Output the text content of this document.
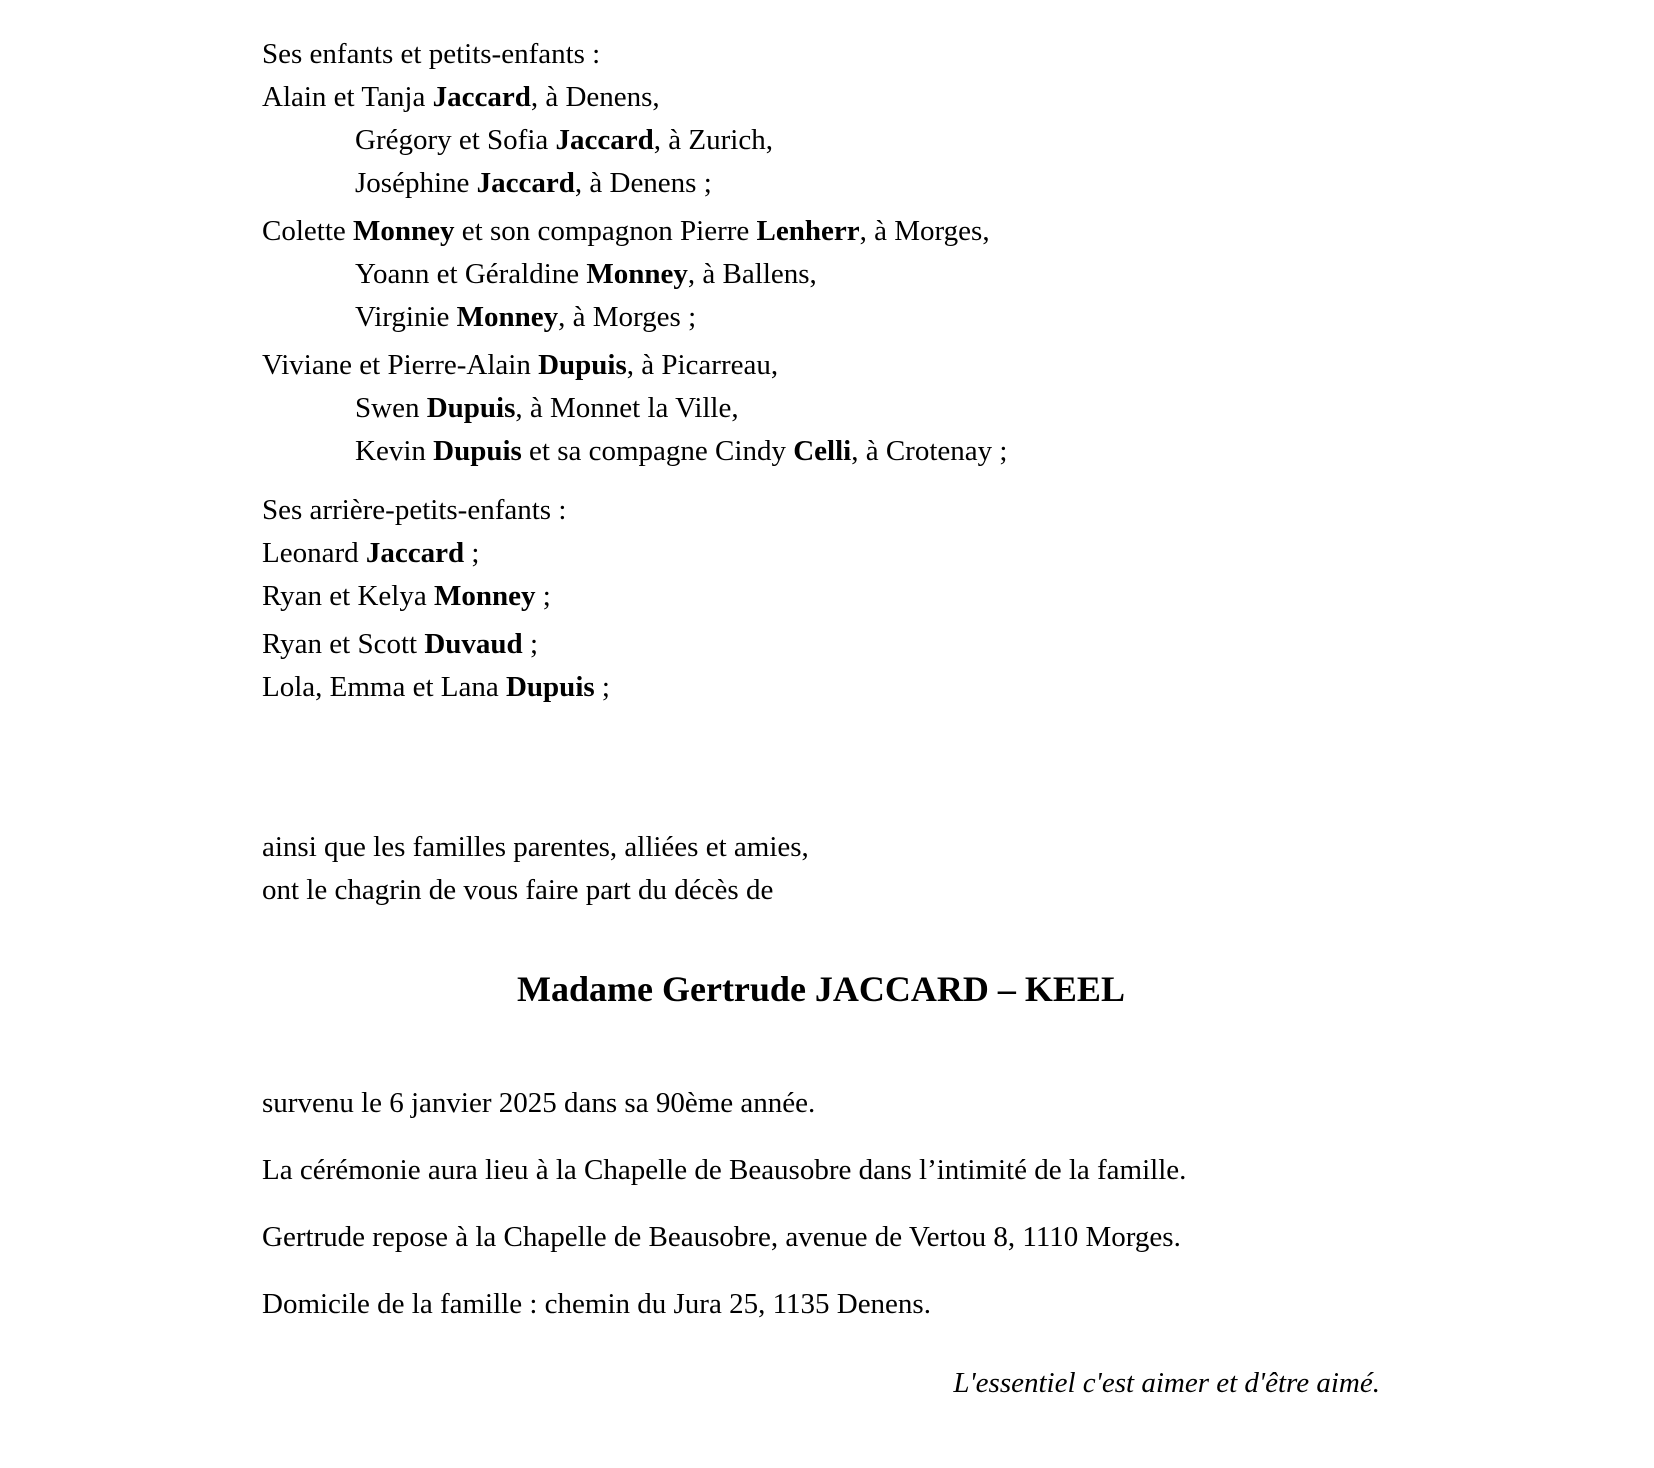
Ses enfants et petits-enfants :

Alain et Tanja Jaccard, à Denens,

Grégory et Sofia Jaccard, à Zurich,

Joséphine Jaccard, à Denens ;

Colette Monney et son compagnon Pierre Lenherr, à Morges,

Yoann et Géraldine Monney, à Ballens,

Virginie Monney, à Morges ;

Viviane et Pierre-Alain Dupuis, à Picarreau,

Swen Dupuis, à Monnet la Ville,

Kevin Dupuis et sa compagne Cindy Celli, à Crotenay ;

Ses arrière-petits-enfants :

Leonard Jaccard ;

Ryan et Kelya Monney ;

Ryan et Scott Duvaud ;

Lola, Emma et Lana Dupuis ;

ainsi que les familles parentes, alliées et amies,

ont le chagrin de vous faire part du décès de

Madame Gertrude JACCARD – KEEL

survenu le 6 janvier 2025 dans sa 90ème année.

La cérémonie aura lieu à la Chapelle de Beausobre dans l’intimité de la famille.

Gertrude repose à la Chapelle de Beausobre, avenue de Vertou 8, 1110 Morges.

Domicile de la famille : chemin du Jura 25, 1135 Denens.

L'essentiel c'est aimer et d'être aimé.
